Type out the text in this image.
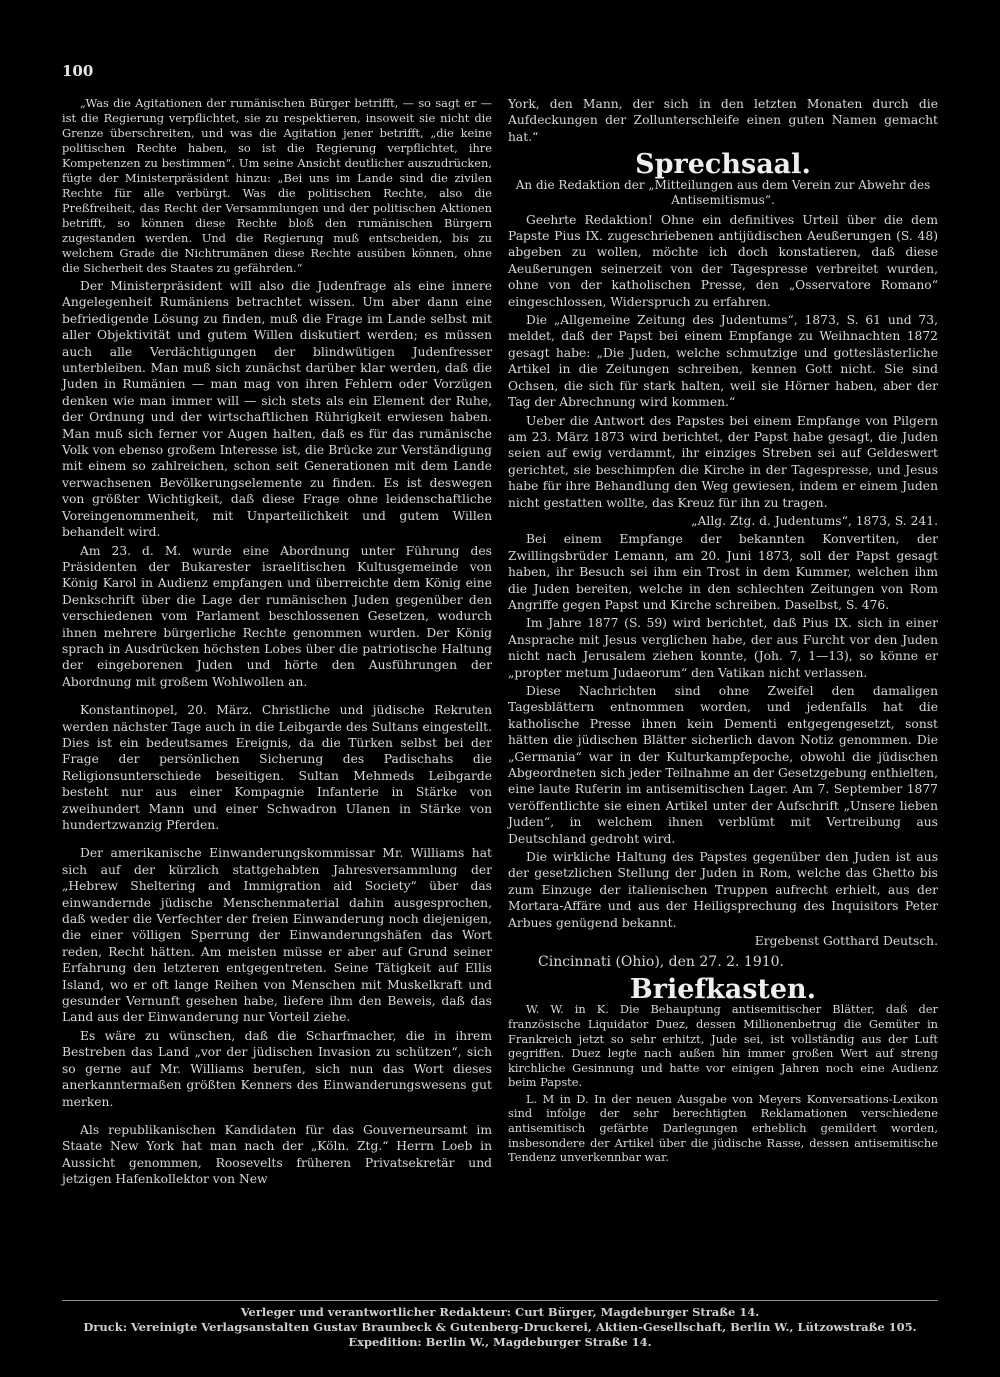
100

„Was die Agitationen der rumänischen Bürger betrifft, — so sagt er — ist die Regierung verpflichtet, sie zu respektieren, insoweit sie nicht die Grenze überschreiten, und was die Agitation jener betrifft, „die keine politischen Rechte haben, so ist die Regierung verpflichtet, ihre Kompetenzen zu bestimmen“. Um seine Ansicht deutlicher auszudrücken, fügte der Ministerpräsident hinzu: „Bei uns im Lande sind die zivilen Rechte für alle verbürgt. Was die politischen Rechte, also die Preßfreiheit, das Recht der Versammlungen und der politischen Aktionen betrifft, so können diese Rechte bloß den rumänischen Bürgern zugestanden werden. Und die Regierung muß entscheiden, bis zu welchem Grade die Nichtrumänen diese Rechte ausüben können, ohne die Sicherheit des Staates zu gefährden.“

Der Ministerpräsident will also die Judenfrage als eine innere Angelegenheit Rumäniens betrachtet wissen. Um aber dann eine befriedigende Lösung zu finden, muß die Frage im Lande selbst mit aller Objektivität und gutem Willen diskutiert werden; es müssen auch alle Verdächtigungen der blindwütigen Judenfresser unterbleiben. Man muß sich zunächst darüber klar werden, daß die Juden in Rumänien — man mag von ihren Fehlern oder Vorzügen denken wie man immer will — sich stets als ein Element der Ruhe, der Ordnung und der wirtschaftlichen Rührigkeit erwiesen haben. Man muß sich ferner vor Augen halten, daß es für das rumänische Volk von ebenso großem Interesse ist, die Brücke zur Verständigung mit einem so zahlreichen, schon seit Generationen mit dem Lande verwachsenen Bevölkerungselemente zu finden. Es ist deswegen von größter Wichtigkeit, daß diese Frage ohne leidenschaftliche Voreingenommenheit, mit Unparteilichkeit und gutem Willen behandelt wird.

Am 23. d. M. wurde eine Abordnung unter Führung des Präsidenten der Bukarester israelitischen Kultusgemeinde von König Karol in Audienz empfangen und überreichte dem König eine Denkschrift über die Lage der rumänischen Juden gegenüber den verschiedenen vom Parlament beschlossenen Gesetzen, wodurch ihnen mehrere bürgerliche Rechte genommen wurden. Der König sprach in Ausdrücken höchsten Lobes über die patriotische Haltung der eingeborenen Juden und hörte den Ausführungen der Abordnung mit großem Wohlwollen an.

Konstantinopel, 20. März. Christliche und jüdische Rekruten werden nächster Tage auch in die Leibgarde des Sultans eingestellt. Dies ist ein bedeutsames Ereignis, da die Türken selbst bei der Frage der persönlichen Sicherung des Padischahs die Religionsunterschiede beseitigen. Sultan Mehmeds Leibgarde besteht nur aus einer Kompagnie Infanterie in Stärke von zweihundert Mann und einer Schwadron Ulanen in Stärke von hundertzwanzig Pferden.

Der amerikanische Einwanderungskommissar Mr. Williams hat sich auf der kürzlich stattgehabten Jahresversammlung der „Hebrew Sheltering and Immigration aid Society“ über das einwandernde jüdische Menschenmaterial dahin ausgesprochen, daß weder die Verfechter der freien Einwanderung noch diejenigen, die einer völligen Sperrung der Einwanderungshäfen das Wort reden, Recht hätten. Am meisten müsse er aber auf Grund seiner Erfahrung den letzteren entgegentreten. Seine Tätigkeit auf Ellis Island, wo er oft lange Reihen von Menschen mit Muskelkraft und gesunder Vernunft gesehen habe, liefere ihm den Beweis, daß das Land aus der Einwanderung nur Vorteil ziehe.

Es wäre zu wünschen, daß die Scharfmacher, die in ihrem Bestreben das Land „vor der jüdischen Invasion zu schützen“, sich so gerne auf Mr. Williams berufen, sich nun das Wort dieses anerkanntermaßen größten Kenners des Einwanderungswesens gut merken.

Als republikanischen Kandidaten für das Gouverneursamt im Staate New York hat man nach der „Köln. Ztg.“ Herrn Loeb in Aussicht genommen, Roosevelts früheren Privatsekretär und jetzigen Hafenkollektor von New

York, den Mann, der sich in den letzten Monaten durch die Aufdeckungen der Zollunterschleife einen guten Namen gemacht hat.“

Sprechsaal.

An die Redaktion der „Mitteilungen aus dem Verein zur Abwehr des Antisemitismus“.

Geehrte Redaktion! Ohne ein definitives Urteil über die dem Papste Pius IX. zugeschriebenen antijüdischen Aeußerungen (S. 48) abgeben zu wollen, möchte ich doch konstatieren, daß diese Aeußerungen seinerzeit von der Tagespresse verbreitet wurden, ohne von der katholischen Presse, den „Osservatore Romano“ eingeschlossen, Widerspruch zu erfahren.

Die „Allgemeine Zeitung des Judentums“, 1873, S. 61 und 73, meldet, daß der Papst bei einem Empfange zu Weihnachten 1872 gesagt habe: „Die Juden, welche schmutzige und gotteslästerliche Artikel in die Zeitungen schreiben, kennen Gott nicht. Sie sind Ochsen, die sich für stark halten, weil sie Hörner haben, aber der Tag der Abrechnung wird kommen.“

Ueber die Antwort des Papstes bei einem Empfange von Pilgern am 23. März 1873 wird berichtet, der Papst habe gesagt, die Juden seien auf ewig verdammt, ihr einziges Streben sei auf Geldeswert gerichtet, sie beschimpfen die Kirche in der Tagespresse, und Jesus habe für ihre Behandlung den Weg gewiesen, indem er einem Juden nicht gestatten wollte, das Kreuz für ihn zu tragen.

„Allg. Ztg. d. Judentums“, 1873, S. 241.

Bei einem Empfange der bekannten Konvertiten, der Zwillingsbrüder Lemann, am 20. Juni 1873, soll der Papst gesagt haben, ihr Besuch sei ihm ein Trost in dem Kummer, welchen ihm die Juden bereiten, welche in den schlechten Zeitungen von Rom Angriffe gegen Papst und Kirche schreiben. Daselbst, S. 476.

Im Jahre 1877 (S. 59) wird berichtet, daß Pius IX. sich in einer Ansprache mit Jesus verglichen habe, der aus Furcht vor den Juden nicht nach Jerusalem ziehen konnte, (Joh. 7, 1—13), so könne er „propter metum Judaeorum“ den Vatikan nicht verlassen.

Diese Nachrichten sind ohne Zweifel den damaligen Tagesblättern entnommen worden, und jedenfalls hat die katholische Presse ihnen kein Dementi entgegengesetzt, sonst hätten die jüdischen Blätter sicherlich davon Notiz genommen. Die „Germania“ war in der Kulturkampfepoche, obwohl die jüdischen Abgeordneten sich jeder Teilnahme an der Gesetzgebung enthielten, eine laute Ruferin im antisemitischen Lager. Am 7. September 1877 veröffentlichte sie einen Artikel unter der Aufschrift „Unsere lieben Juden“, in welchem ihnen verblümt mit Vertreibung aus Deutschland gedroht wird.

Die wirkliche Haltung des Papstes gegenüber den Juden ist aus der gesetzlichen Stellung der Juden in Rom, welche das Ghetto bis zum Einzuge der italienischen Truppen aufrecht erhielt, aus der Mortara-Affäre und aus der Heiligsprechung des Inquisitors Peter Arbues genügend bekannt.

Ergebenst Gotthard Deutsch.

Cincinnati (Ohio), den 27. 2. 1910.

Briefkasten.

W. W. in K. Die Behauptung antisemitischer Blätter, daß der französische Liquidator Duez, dessen Millionenbetrug die Gemüter in Frankreich jetzt so sehr erhitzt, Jude sei, ist vollständig aus der Luft gegriffen. Duez legte nach außen hin immer großen Wert auf streng kirchliche Gesinnung und hatte vor einigen Jahren noch eine Audienz beim Papste.

L. M in D. In der neuen Ausgabe von Meyers Konversations-Lexikon sind infolge der sehr berechtigten Reklamationen verschiedene antisemitisch gefärbte Darlegungen erheblich gemildert worden, insbesondere der Artikel über die jüdische Rasse, dessen antisemitische Tendenz unverkennbar war.

Verleger und verantwortlicher Redakteur: Curt Bürger, Magdeburger Straße 14.
Druck: Vereinigte Verlagsanstalten Gustav Braunbeck & Gutenberg-Druckerei, Aktien-Gesellschaft, Berlin W., Lützowstraße 105.
Expedition: Berlin W., Magdeburger Straße 14.
